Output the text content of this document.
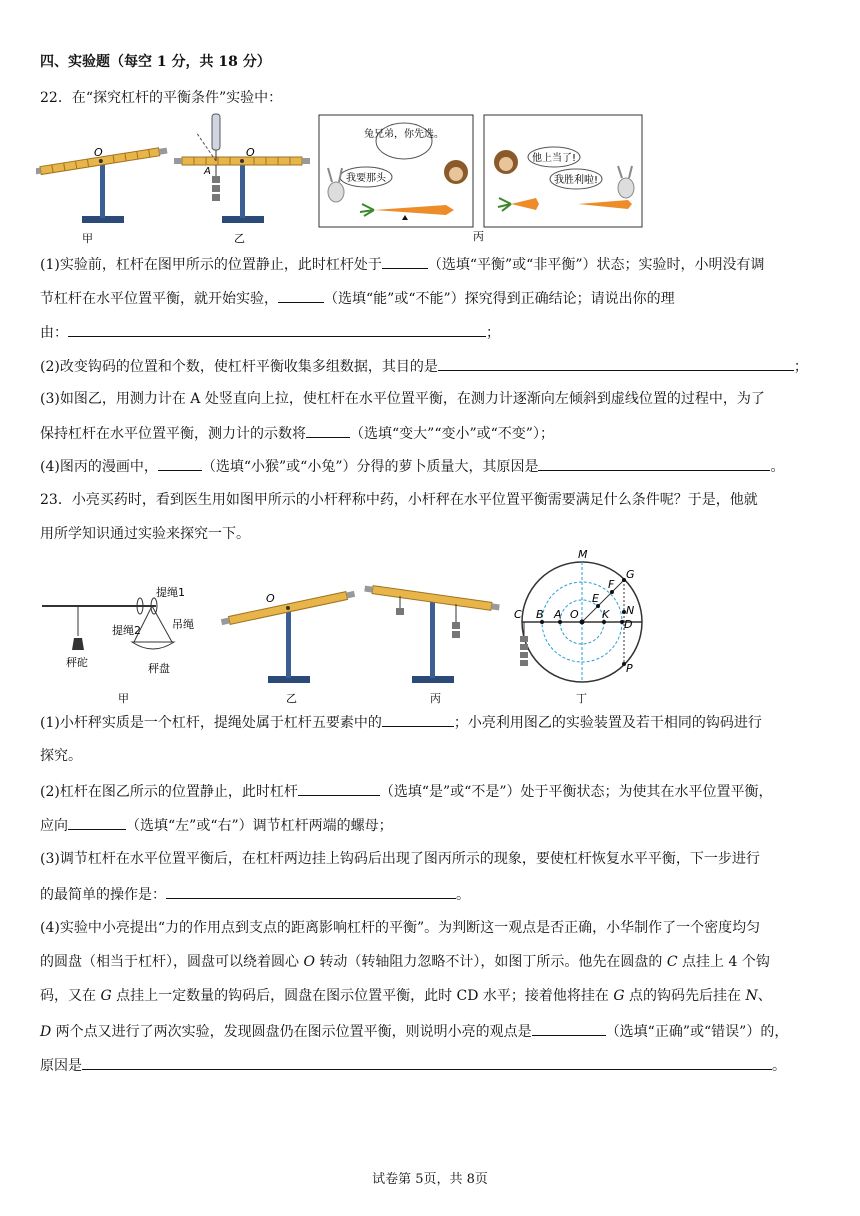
四、实验题（每空 1 分，共 18 分）
22．在“探究杠杆的平衡条件”实验中：
O
甲
A
O
乙
兔兄弟，你先选。
我要那头
他上当了!
我胜利啦!
丙
(1)实验前，杠杆在图甲所示的位置静止，此时杠杆处于	（选填“平衡”或“非平衡”）状态；实验时，小明没有调
节杠杆在水平位置平衡，就开始实验，	（选填“能”或“不能”）探究得到正确结论；请说出你的理
由：	；
(2)改变钩码的位置和个数，使杠杆平衡收集多组数据，其目的是	；
(3)如图乙，用测力计在 A 处竖直向上拉，使杠杆在水平位置平衡，在测力计逐渐向左倾斜到虚线位置的过程中，为了
保持杠杆在水平位置平衡，测力计的示数将	（选填“变大”“变小”或“不变”）；
(4)图丙的漫画中，	（选填“小猴”或“小兔”）分得的萝卜质量大，其原因是	。
23．小亮买药时，看到医生用如图甲所示的小杆秤称中药，小杆秤在水平位置平衡需要满足什么条件呢？于是，他就
用所学知识通过实验来探究一下。
提绳1
提绳2	吊绳
秤砣	秤盘
甲
O
乙	丙
M
G
F
E
N
K
D
C B A O
P
丁
(1)小杆秤实质是一个杠杆，提绳处属于杠杆五要素中的	；小亮利用图乙的实验装置及若干相同的钩码进行
探究。
(2)杠杆在图乙所示的位置静止，此时杠杆	（选填“是”或“不是”）处于平衡状态；为使其在水平位置平衡，
应向	（选填“左”或“右”）调节杠杆两端的螺母；
(3)调节杠杆在水平位置平衡后，在杠杆两边挂上钩码后出现了图丙所示的现象，要使杠杆恢复水平平衡，下一步进行
的最简单的操作是：	。
(4)实验中小亮提出“力的作用点到支点的距离影响杠杆的平衡”。为判断这一观点是否正确，小华制作了一个密度均匀
的圆盘（相当于杠杆），圆盘可以绕着圆心 O 转动（转轴阻力忽略不计），如图丁所示。他先在圆盘的 C 点挂上 4 个钩
码，又在 G 点挂上一定数量的钩码后，圆盘在图示位置平衡，此时 CD 水平；接着他将挂在 G 点的钩码先后挂在 N、
D 两个点又进行了两次实验，发现圆盘仍在图示位置平衡，则说明小亮的观点是	（选填“正确”或“错误”）的，
原因是	。
试卷第 5页，共 8页
